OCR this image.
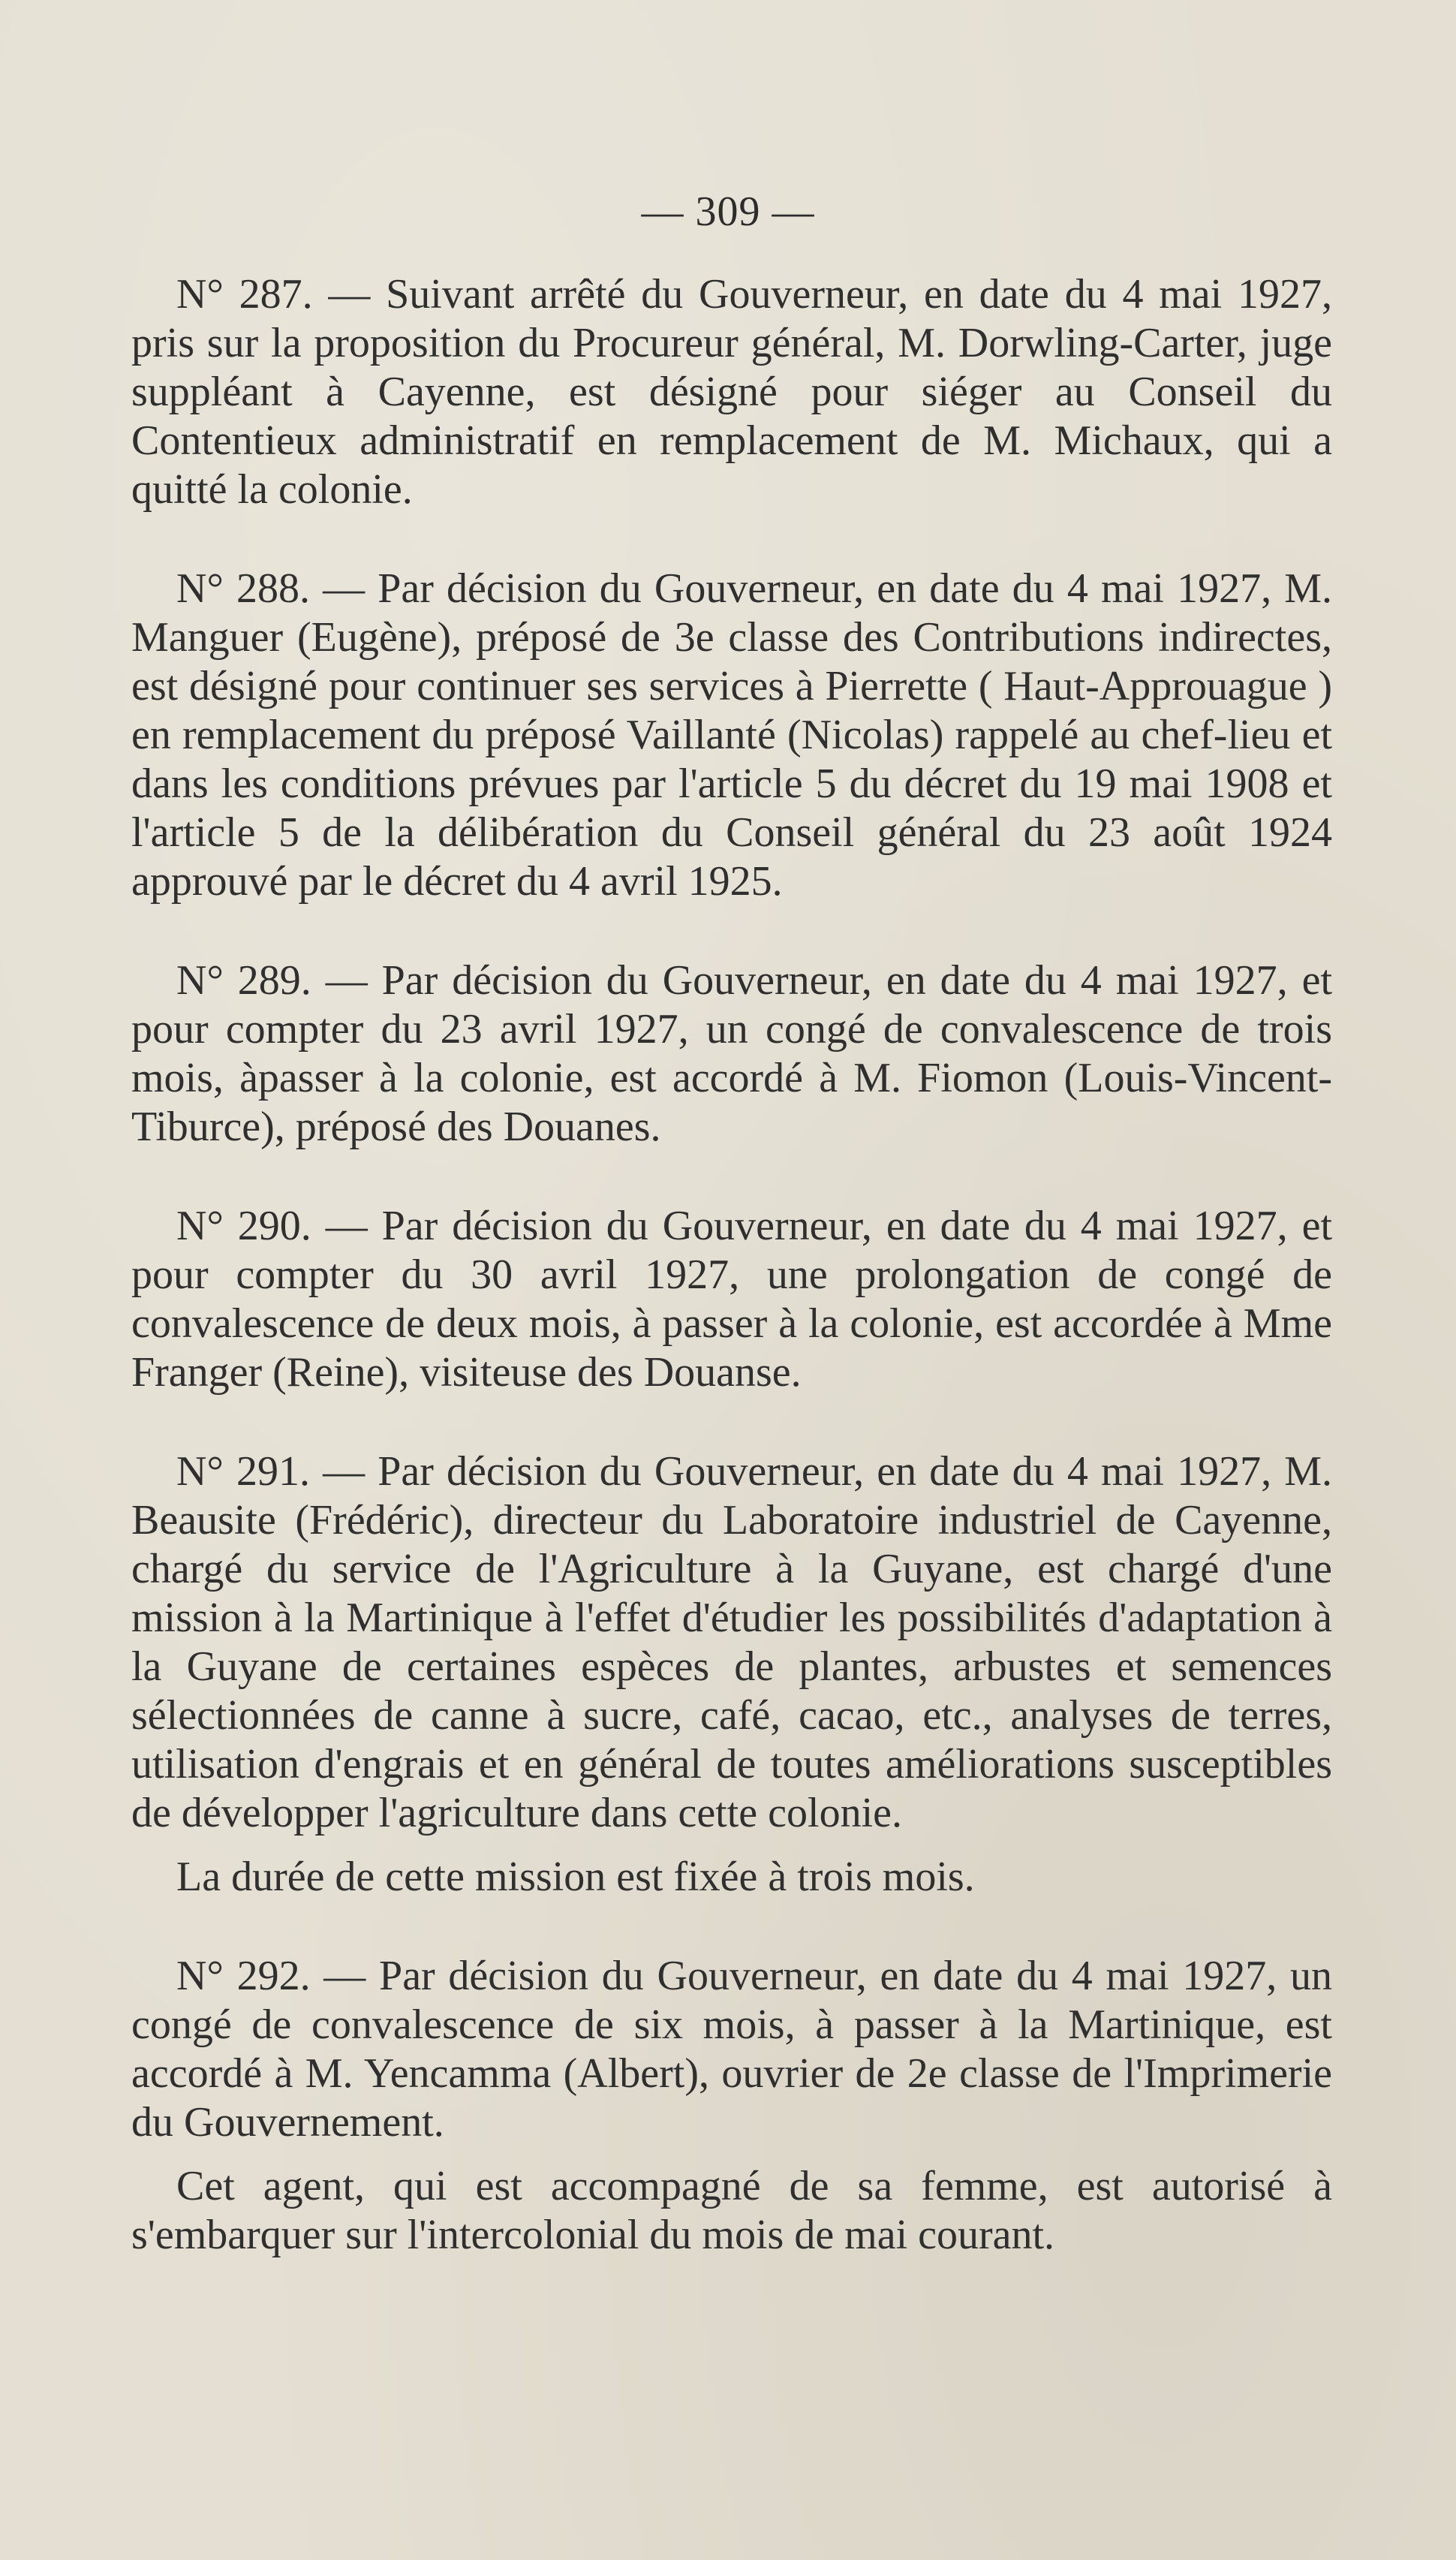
— 309 —

N° 287. — Suivant arrêté du Gouverneur, en date du 4 mai 1927, pris sur la proposition du Procureur général, M. Dorwling-Carter, juge suppléant à Cayenne, est désigné pour siéger au Conseil du Contentieux administratif en remplacement de M. Michaux, qui a quitté la colonie.

N° 288. — Par décision du Gouverneur, en date du 4 mai 1927, M. Manguer (Eugène), préposé de 3e classe des Contributions indirectes, est désigné pour continuer ses services à Pierrette ( Haut-Approuague ) en remplacement du préposé Vaillanté (Nicolas) rappelé au chef-lieu et dans les conditions prévues par l'article 5 du décret du 19 mai 1908 et l'article 5 de la délibération du Conseil général du 23 août 1924 approuvé par le décret du 4 avril 1925.

N° 289. — Par décision du Gouverneur, en date du 4 mai 1927, et pour compter du 23 avril 1927, un congé de convalescence de trois mois, àpasser à la colonie, est accordé à M. Fiomon (Louis-Vincent-Tiburce), préposé des Douanes.

N° 290. — Par décision du Gouverneur, en date du 4 mai 1927, et pour compter du 30 avril 1927, une prolongation de congé de convalescence de deux mois, à passer à la colonie, est accordée à Mme Franger (Reine), visiteuse des Douanse.

N° 291. — Par décision du Gouverneur, en date du 4 mai 1927, M. Beausite (Frédéric), directeur du Laboratoire industriel de Cayenne, chargé du service de l'Agriculture à la Guyane, est chargé d'une mission à la Martinique à l'effet d'étudier les possibilités d'adaptation à la Guyane de certaines espèces de plantes, arbustes et semences sélectionnées de canne à sucre, café, cacao, etc., analyses de terres, utilisation d'engrais et en général de toutes améliorations susceptibles de développer l'agriculture dans cette colonie.

La durée de cette mission est fixée à trois mois.

N° 292. — Par décision du Gouverneur, en date du 4 mai 1927, un congé de convalescence de six mois, à passer à la Martinique, est accordé à M. Yencamma (Albert), ouvrier de 2e classe de l'Imprimerie du Gouvernement.

Cet agent, qui est accompagné de sa femme, est autorisé à s'embarquer sur l'intercolonial du mois de mai courant.
